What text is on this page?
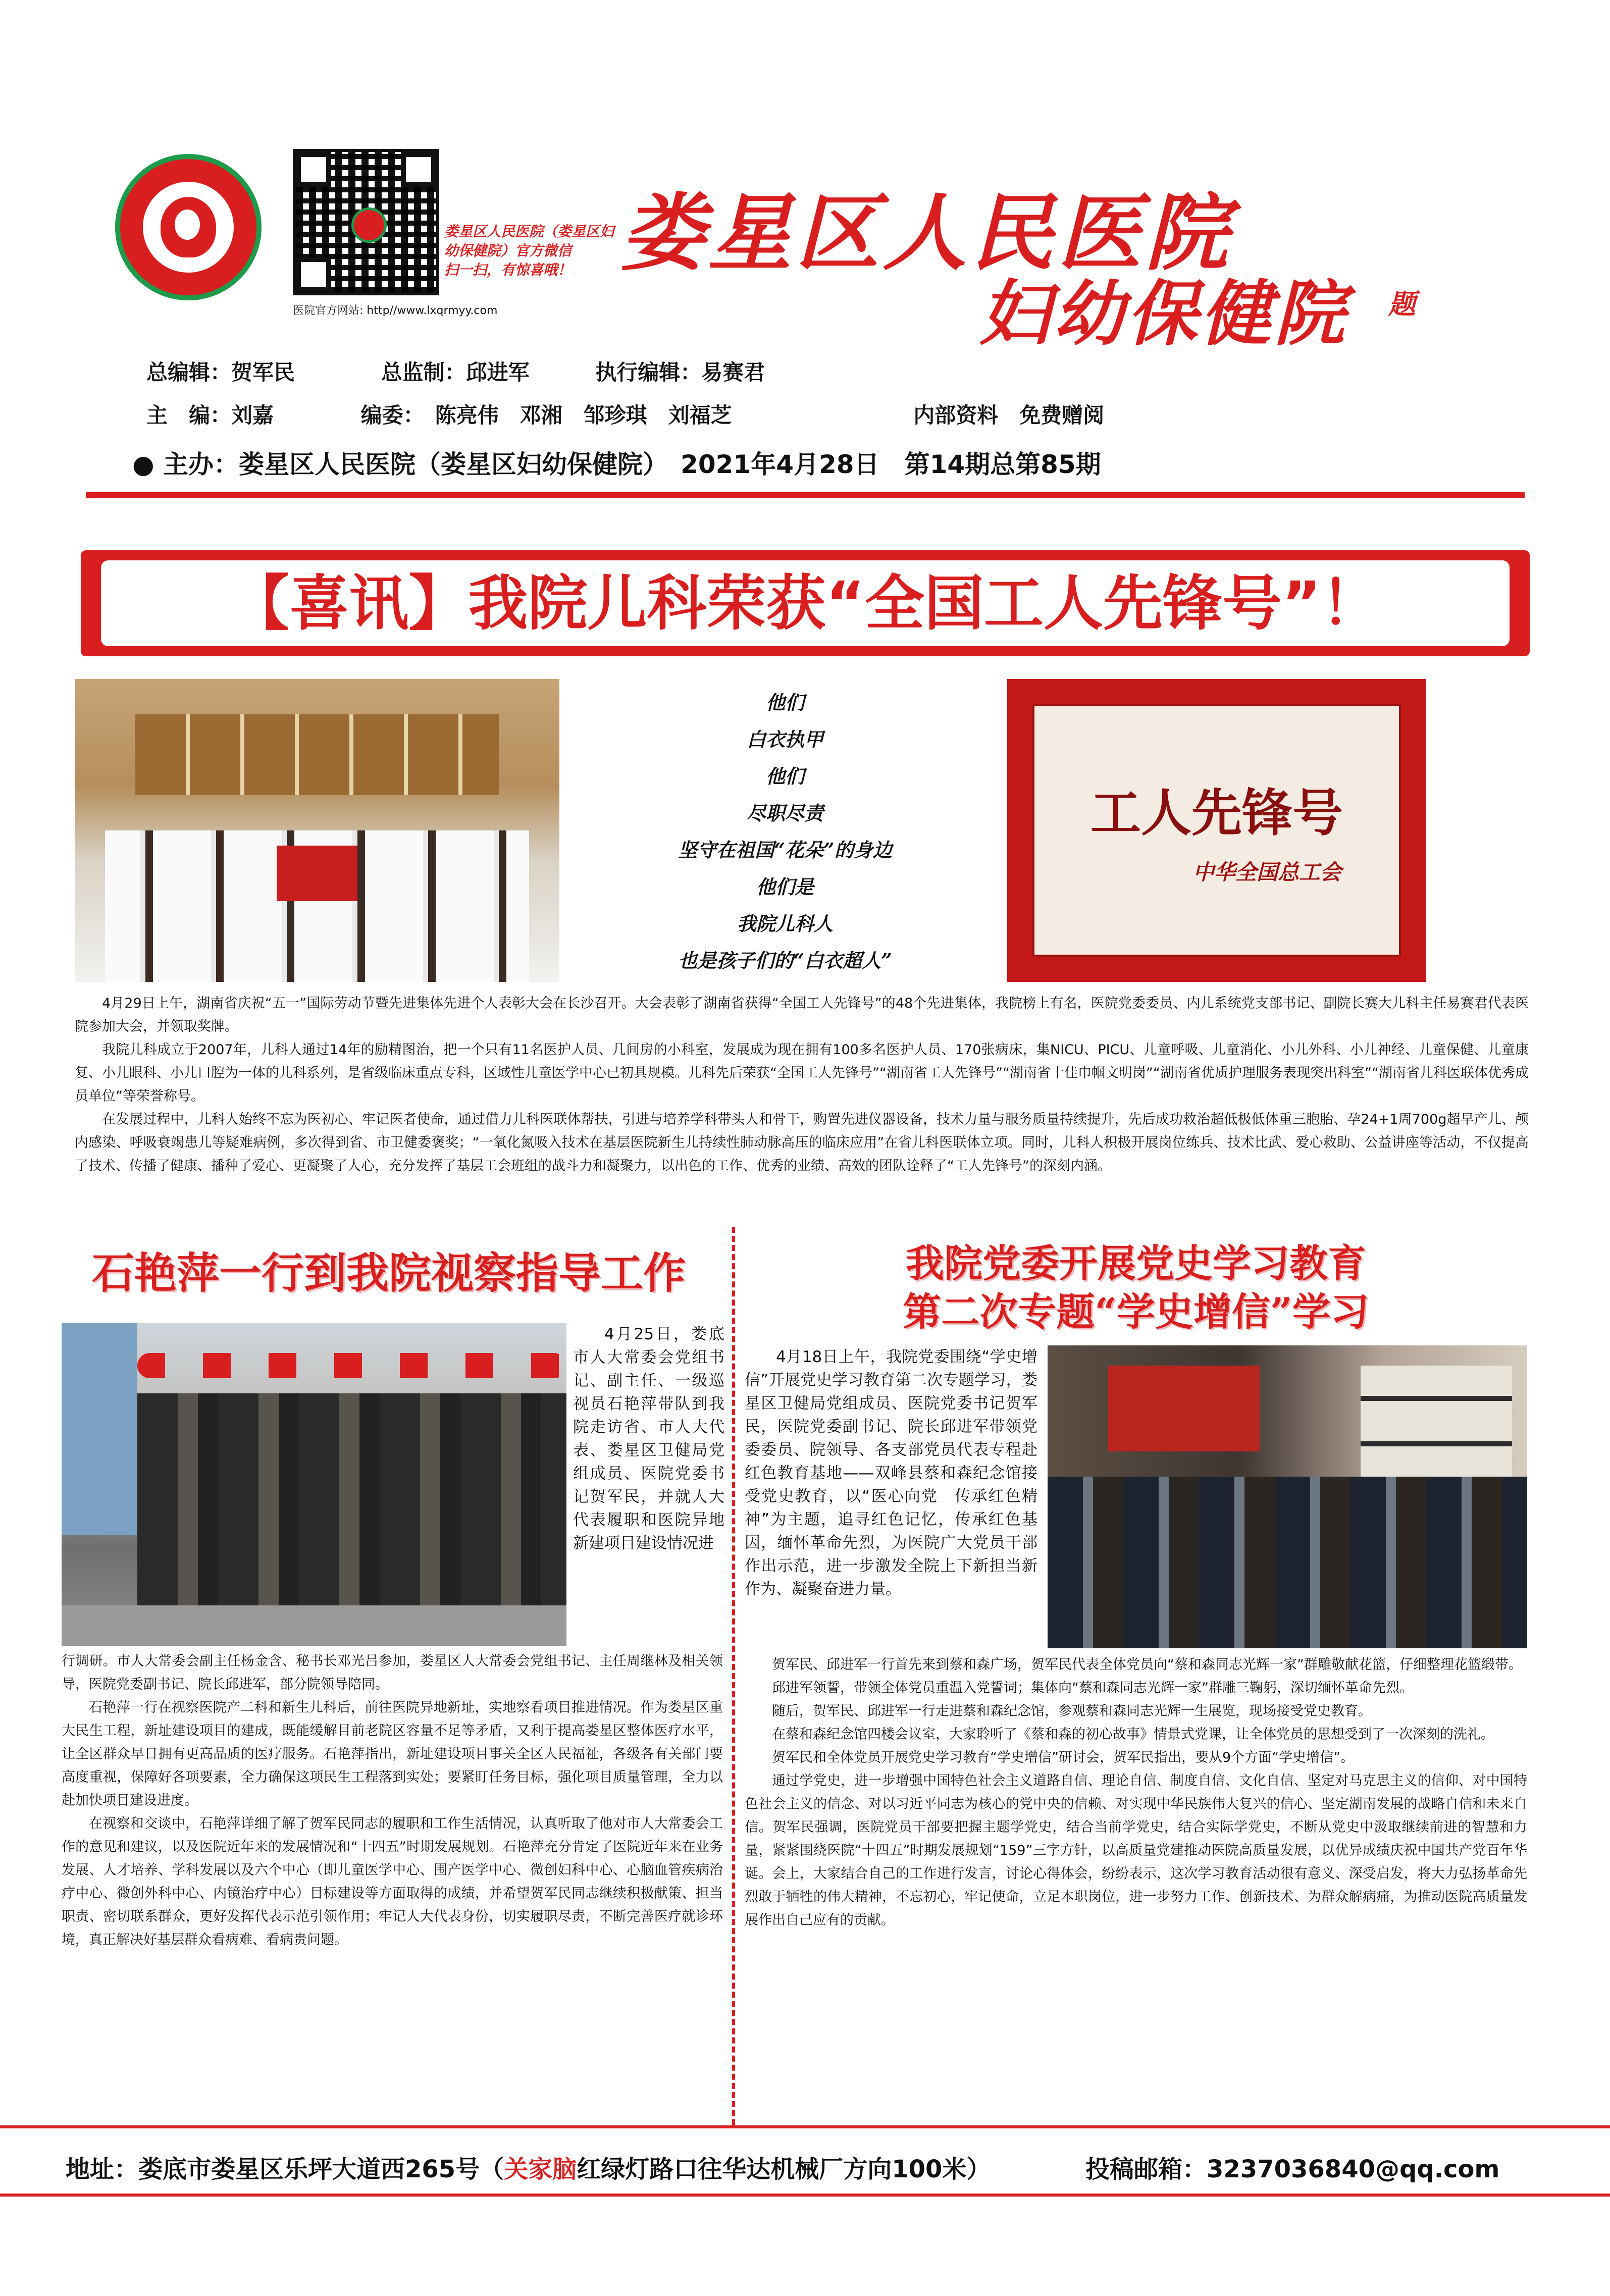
医院官方网站: http//www.lxqrmyy.com
娄星区人民医院（娄星区妇幼保健院）官方微信
扫一扫，有惊喜哦！ 娄星区人民医院
妇幼保健院	题
总编辑：贺军民	总监制：邱进军	执行编辑：易赛君
主　编：刘嘉	编委：　陈亮伟　邓湘　邹珍琪　刘福芝	内部资料　免费赠阅
● 主办：娄星区人民医院（娄星区妇幼保健院）　2021年4月28日　第14期总第85期
【喜讯】我院儿科荣获“全国工人先锋号”！
他们
白衣执甲
他们
尽职尽责
坚守在祖国“花朵”的身边
他们是
我院儿科人
也是孩子们的“白衣超人”
工人先锋号
中华全国总工会

4月29日上午，湖南省庆祝“五一”国际劳动节暨先进集体先进个人表彰大会在长沙召开。大会表彰了湖南省获得“全国工人先锋号”的48个先进集体，我院榜上有名，医院党委委员、内儿系统党支部书记、副院长赛大儿科主任易赛君代表医院参加大会，并领取奖牌。

我院儿科成立于2007年，儿科人通过14年的励精图治，把一个只有11名医护人员、几间房的小科室，发展成为现在拥有100多名医护人员、170张病床，集NICU、PICU、儿童呼吸、儿童消化、小儿外科、小儿神经、儿童保健、儿童康复、小儿眼科、小儿口腔为一体的儿科系列，是省级临床重点专科，区域性儿童医学中心已初具规模。儿科先后荣获“全国工人先锋号”“湖南省工人先锋号”“湖南省十佳巾帼文明岗”“湖南省优质护理服务表现突出科室”“湖南省儿科医联体优秀成员单位”等荣誉称号。

在发展过程中，儿科人始终不忘为医初心、牢记医者使命，通过借力儿科医联体帮扶，引进与培养学科带头人和骨干，购置先进仪器设备，技术力量与服务质量持续提升，先后成功救治超低极低体重三胞胎、孕24+1周700g超早产儿、颅内感染、呼吸衰竭患儿等疑难病例，多次得到省、市卫健委褒奖；“一氧化氮吸入技术在基层医院新生儿持续性肺动脉高压的临床应用”在省儿科医联体立项。同时，儿科人积极开展岗位练兵、技术比武、爱心救助、公益讲座等活动，不仅提高了技术、传播了健康、播种了爱心、更凝聚了人心，充分发挥了基层工会班组的战斗力和凝聚力，以出色的工作、优秀的业绩、高效的团队诠释了“工人先锋号”的深刻内涵。

石艳萍一行到我院视察指导工作
4月25日，娄底市人大常委会党组书记、副主任、一级巡视员石艳萍带队到我院走访省、市人大代表、娄星区卫健局党组成员、医院党委书记贺军民，并就人大代表履职和医院异地新建项目建设情况进

行调研。市人大常委会副主任杨金含、秘书长邓光吕参加，娄星区人大常委会党组书记、主任周继林及相关领导，医院党委副书记、院长邱进军，部分院领导陪同。

石艳萍一行在视察医院产二科和新生儿科后，前往医院异地新址，实地察看项目推进情况。作为娄星区重大民生工程，新址建设项目的建成，既能缓解目前老院区容量不足等矛盾，又利于提高娄星区整体医疗水平，让全区群众早日拥有更高品质的医疗服务。石艳萍指出，新址建设项目事关全区人民福祉，各级各有关部门要高度重视，保障好各项要素，全力确保这项民生工程落到实处；要紧盯任务目标，强化项目质量管理，全力以赴加快项目建设进度。

在视察和交谈中，石艳萍详细了解了贺军民同志的履职和工作生活情况，认真听取了他对市人大常委会工作的意见和建议，以及医院近年来的发展情况和“十四五”时期发展规划。石艳萍充分肯定了医院近年来在业务发展、人才培养、学科发展以及六个中心（即儿童医学中心、围产医学中心、微创妇科中心、心脑血管疾病治疗中心、微创外科中心、内镜治疗中心）目标建设等方面取得的成绩，并希望贺军民同志继续积极献策、担当职责、密切联系群众，更好发挥代表示范引领作用；牢记人大代表身份，切实履职尽责，不断完善医疗就诊环境，真正解决好基层群众看病难、看病贵问题。

我院党委开展党史学习教育
第二次专题“学史增信”学习
4月18日上午，我院党委围绕“学史增信”开展党史学习教育第二次专题学习，娄星区卫健局党组成员、医院党委书记贺军民，医院党委副书记、院长邱进军带领党委委员、院领导、各支部党员代表专程赴红色教育基地——双峰县蔡和森纪念馆接受党史教育，以“医心向党　传承红色精神”为主题，追寻红色记忆，传承红色基因，缅怀革命先烈，为医院广大党员干部作出示范，进一步激发全院上下新担当新作为、凝聚奋进力量。

贺军民、邱进军一行首先来到蔡和森广场，贺军民代表全体党员向“蔡和森同志光辉一家”群雕敬献花篮，仔细整理花篮缎带。

邱进军领誓，带领全体党员重温入党誓词；集体向“蔡和森同志光辉一家”群雕三鞠躬，深切缅怀革命先烈。

随后，贺军民、邱进军一行走进蔡和森纪念馆，参观蔡和森同志光辉一生展览，现场接受党史教育。

在蔡和森纪念馆四楼会议室，大家聆听了《蔡和森的初心故事》情景式党课，让全体党员的思想受到了一次深刻的洗礼。

贺军民和全体党员开展党史学习教育“学史增信”研讨会，贺军民指出，要从9个方面“学史增信”。

通过学党史，进一步增强中国特色社会主义道路自信、理论自信、制度自信、文化自信、坚定对马克思主义的信仰、对中国特色社会主义的信念、对以习近平同志为核心的党中央的信赖、对实现中华民族伟大复兴的信心、坚定湖南发展的战略自信和未来自信。贺军民强调，医院党员干部要把握主题学党史，结合当前学党史，结合实际学党史，不断从党史中汲取继续前进的智慧和力量，紧紧围绕医院“十四五”时期发展规划“159”三字方针，以高质量党建推动医院高质量发展，以优异成绩庆祝中国共产党百年华诞。会上，大家结合自己的工作进行发言，讨论心得体会，纷纷表示，这次学习教育活动很有意义、深受启发，将大力弘扬革命先烈敢于牺牲的伟大精神，不忘初心，牢记使命，立足本职岗位，进一步努力工作、创新技术、为群众解病痛，为推动医院高质量发展作出自己应有的贡献。

地址：娄底市娄星区乐坪大道西265号（关家脑红绿灯路口往华达机械厂方向100米）	投稿邮箱：3237036840@qq.com
